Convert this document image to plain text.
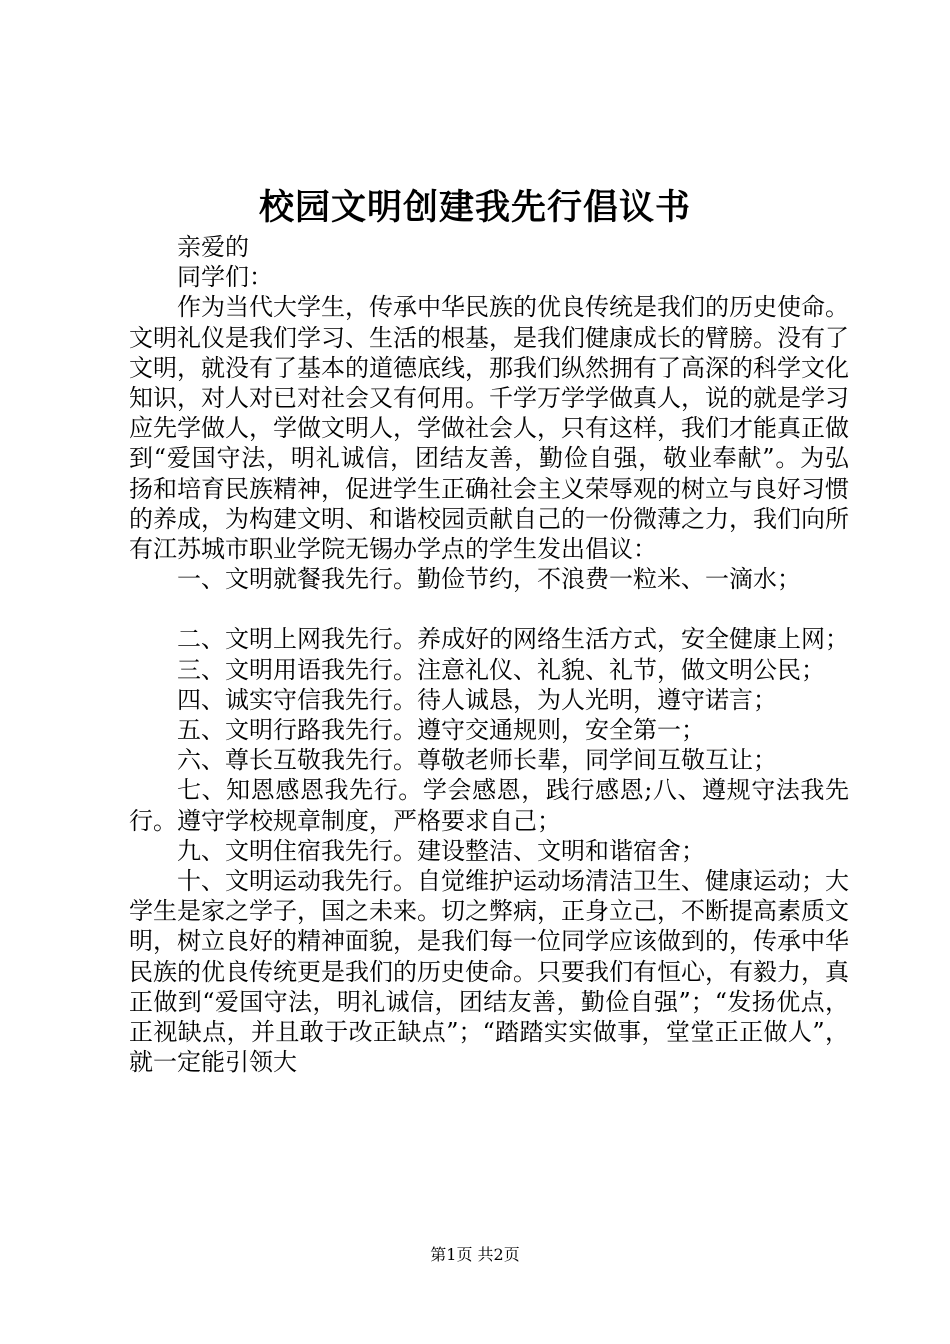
校园文明创建我先行倡议书

亲爱的

同学们：

作为当代大学生，传承中华民族的优良传统是我们的历史使命。文明礼仪是我们学习、生活的根基，是我们健康成长的臂膀。没有了文明，就没有了基本的道德底线，那我们纵然拥有了高深的科学文化知识，对人对已对社会又有何用。千学万学学做真人，说的就是学习应先学做人，学做文明人，学做社会人，只有这样，我们才能真正做到“爱国守法，明礼诚信，团结友善，勤俭自强，敬业奉献”。为弘扬和培育民族精神，促进学生正确社会主义荣辱观的树立与良好习惯的养成，为构建文明、和谐校园贡献自己的一份微薄之力，我们向所有江苏城市职业学院无锡办学点的学生发出倡议：

一、文明就餐我先行。勤俭节约，不浪费一粒米、一滴水；

二、文明上网我先行。养成好的网络生活方式，安全健康上网；

三、文明用语我先行。注意礼仪、礼貌、礼节，做文明公民；

四、诚实守信我先行。待人诚恳，为人光明，遵守诺言；

五、文明行路我先行。遵守交通规则，安全第一；

六、尊长互敬我先行。尊敬老师长辈，同学间互敬互让；

七、知恩感恩我先行。学会感恩，践行感恩;八、遵规守法我先行。遵守学校规章制度，严格要求自己；

九、文明住宿我先行。建设整洁、文明和谐宿舍；

十、文明运动我先行。自觉维护运动场清洁卫生、健康运动；大学生是家之学子，国之未来。切之弊病，正身立己，不断提高素质文明，树立良好的精神面貌，是我们每一位同学应该做到的，传承中华民族的优良传统更是我们的历史使命。只要我们有恒心，有毅力，真正做到“爱国守法，明礼诚信，团结友善，勤俭自强”；“发扬优点，正视缺点，并且敢于改正缺点”；“踏踏实实做事，堂堂正正做人”，就一定能引领大

第1页 共2页
